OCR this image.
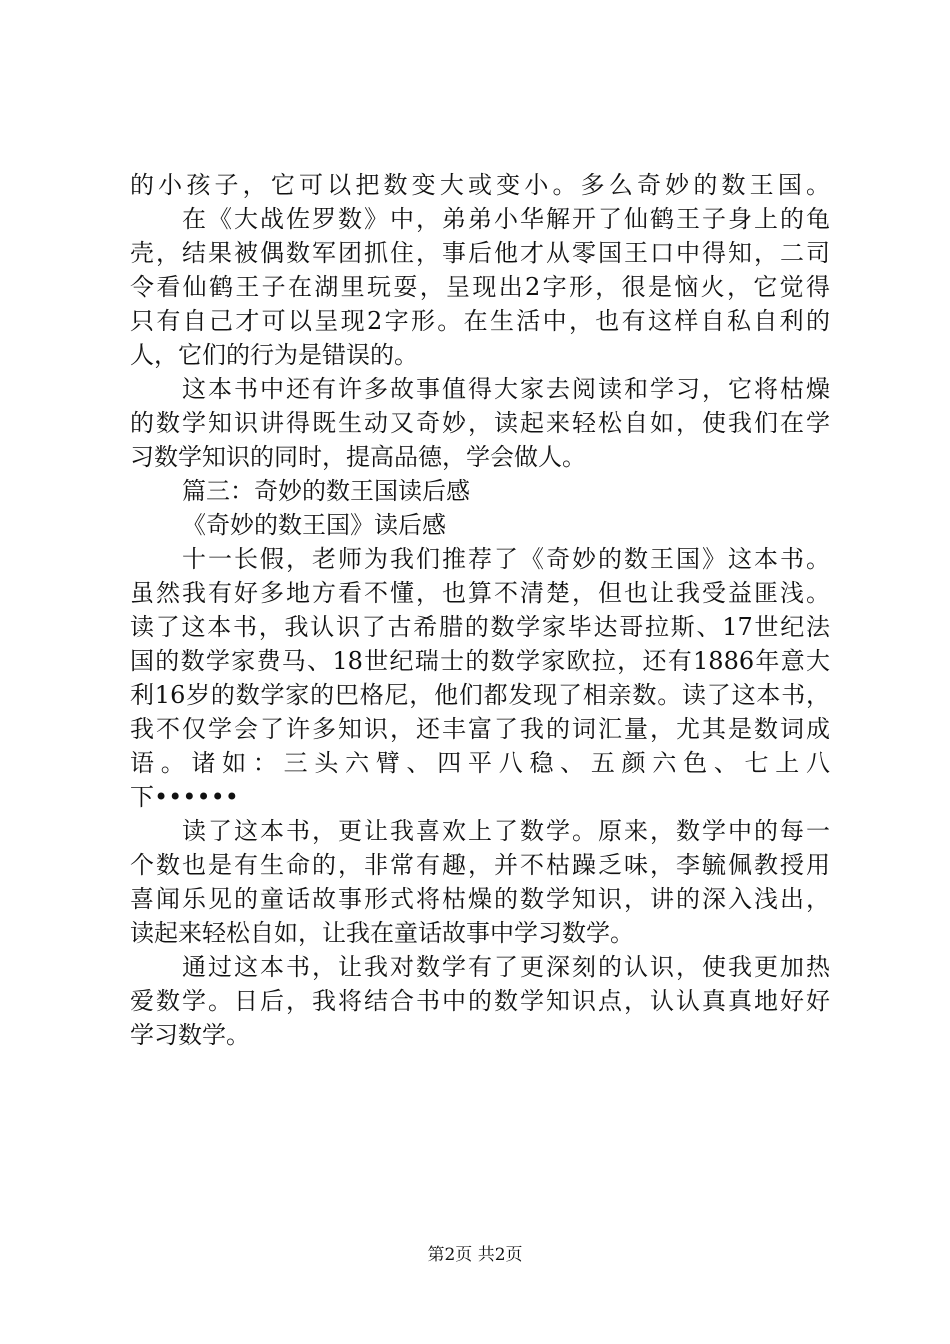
的小孩子，它可以把数变大或变小。多么奇妙的数王国。
在《大战佐罗数》中，弟弟小华解开了仙鹤王子身上的龟
壳，结果被偶数军团抓住，事后他才从零国王口中得知，二司
令看仙鹤王子在湖里玩耍，呈现出2字形，很是恼火，它觉得
只有自己才可以呈现2字形。在生活中，也有这样自私自利的
人，它们的行为是错误的。
这本书中还有许多故事值得大家去阅读和学习，它将枯燥
的数学知识讲得既生动又奇妙，读起来轻松自如，使我们在学
习数学知识的同时，提高品德，学会做人。
篇三：奇妙的数王国读后感
《奇妙的数王国》读后感
十一长假，老师为我们推荐了《奇妙的数王国》这本书。
虽然我有好多地方看不懂，也算不清楚，但也让我受益匪浅。
读了这本书，我认识了古希腊的数学家毕达哥拉斯、17世纪法
国的数学家费马、18世纪瑞士的数学家欧拉，还有1886年意大
利16岁的数学家的巴格尼，他们都发现了相亲数。读了这本书，
我不仅学会了许多知识，还丰富了我的词汇量，尤其是数词成
语。诸如：三头六臂、四平八稳、五颜六色、七上八
下••••••
读了这本书，更让我喜欢上了数学。原来，数学中的每一
个数也是有生命的，非常有趣，并不枯躁乏味，李毓佩教授用
喜闻乐见的童话故事形式将枯燥的数学知识，讲的深入浅出，
读起来轻松自如，让我在童话故事中学习数学。
通过这本书，让我对数学有了更深刻的认识，使我更加热
爱数学。日后，我将结合书中的数学知识点，认认真真地好好
学习数学。
第2页 共2页
